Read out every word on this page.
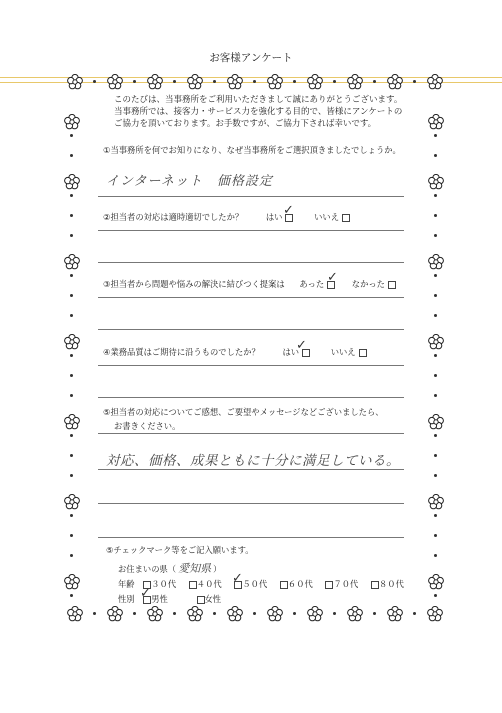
お客様アンケート
このたびは、当事務所をご利用いただきまして誠にありがとうございます。
当事務所では、接客力・サービス力を強化する目的で、皆様にアンケートの
ご協力を頂いております。お手数ですが、ご協力下されば幸いです。
①当事務所を何でお知りになり、なぜ当事務所をご選択頂きましたでしょうか。
インターネット　価格設定
②担当者の対応は適時適切でしたか？	はい	いいえ
✓
③担当者から問題や悩みの解決に結びつく提案は あった	なかった
✓
④業務品質はご期待に沿うものでしたか？	はい	いいえ
✓
⑤担当者の対応についてご感想、ご要望やメッセージなどございましたら、
お書きください。
対応、価格、成果ともに十分に満足している。
⑤チェックマーク等をご記入願います。
お住まいの県（ 愛知県 ）
年齢 ３０代 ４０代 ５０代 ６０代 ７０代 ８０代
✓
性別 男性	女性
✓
